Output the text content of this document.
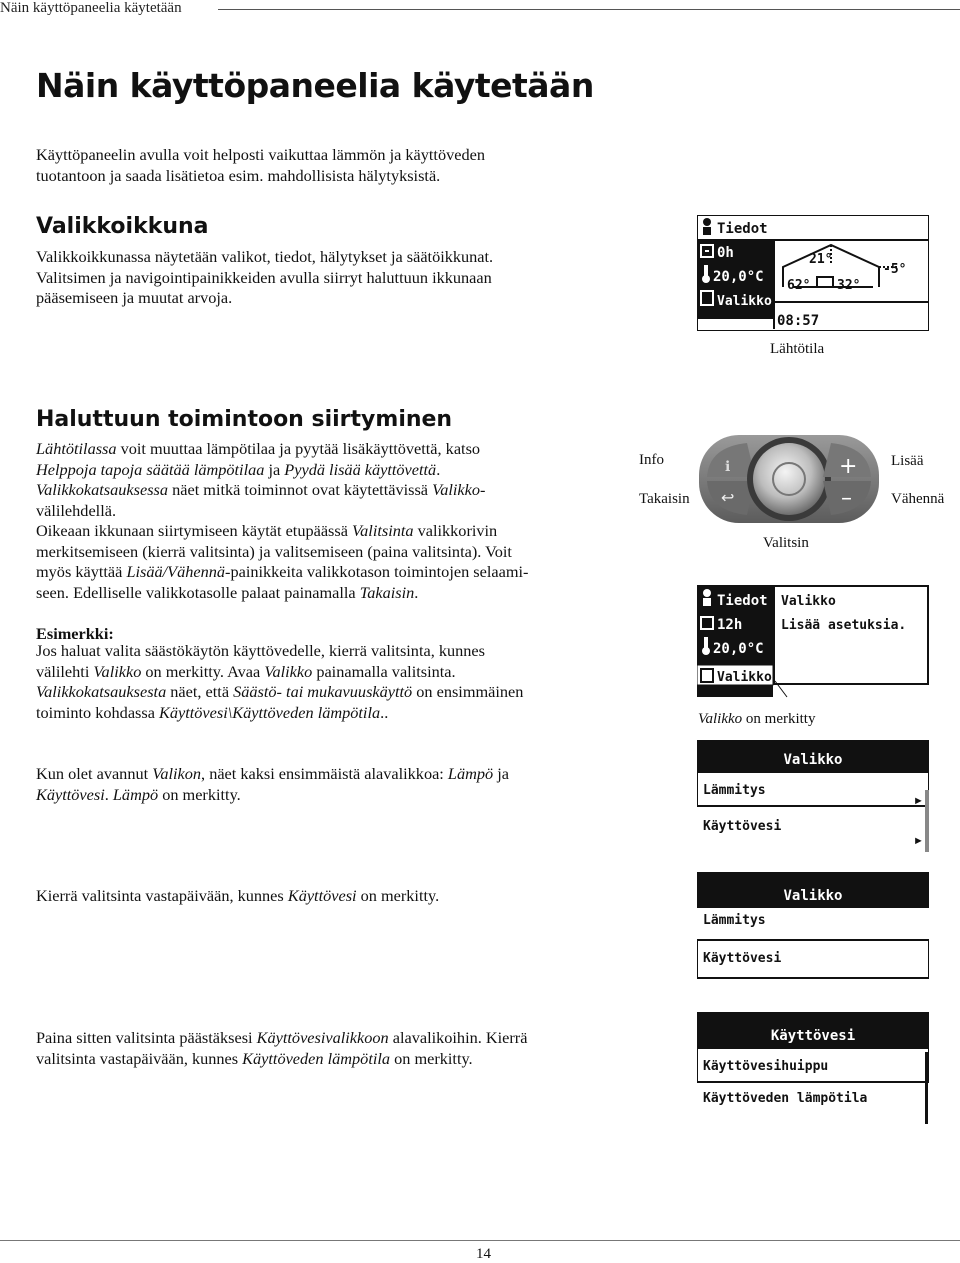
Näin käyttöpaneelia käytetään
Näin käyttöpaneelia käytetään

Käyttöpaneelin avulla voit helposti vaikuttaa lämmön ja käyttöveden
tuotantoon ja saada lisätietoa esim. mahdollisista hälytyksistä.

Valikkoikkuna

Valikkoikkunassa näytetään valikot, tiedot, hälytykset ja säätöikkunat.
Valitsimen ja navigointipainikkeiden avulla siirryt haluttuun ikkunaan
pääsemiseen ja muutat arvoja.

Tiedot
0h
20,0°C
Valikko
21°
-5°
62° 32°
08:57
Lähtötila
Haluttuun toimintoon siirtyminen

Lähtötilassa voit muuttaa lämpötilaa ja pyytää lisäkäyttövettä, katso
Helppoja tapoja säätää lämpötilaa ja Pyydä lisää käyttövettä.
Valikkokatsauksessa näet mitkä toiminnot ovat käytettävissä Valikko-
välilehdellä.
Oikeaan ikkunaan siirtymiseen käytät etupäässä Valitsinta valikkorivin
merkitsemiseen (kierrä valitsinta) ja valitsemiseen (paina valitsinta). Voit
myös käyttää Lisää/Vähennä-painikkeita valikkotason toimintojen selaami-
seen. Edelliselle valikkotasolle palaat painamalla Takaisin.

Info
Takaisin
Lisää
Vähennä
Valitsin
ℹ
↩
+
–

Esimerkki:

Jos haluat valita säästökäytön käyttövedelle, kierrä valitsinta, kunnes
välilehti Valikko on merkitty. Avaa Valikko painamalla valitsinta.
Valikkokatsauksesta näet, että Säästö- tai mukavuuskäyttö on ensimmäinen
toiminto kohdassa Käyttövesi\Käyttöveden lämpötila..

Tiedot
12h
20,0°C
Valikko
Valikko
Lisää asetuksia.
Valikko on merkitty

Kun olet avannut Valikon, näet kaksi ensimmäistä alavalikkoa: Lämpö ja
Käyttövesi. Lämpö on merkitty.

Valikko
Lämmitys
►
Käyttövesi
►

Kierrä valitsinta vastapäivään, kunnes Käyttövesi on merkitty.	Valikko
Lämmitys
Käyttövesi

Paina sitten valitsinta päästäksesi Käyttövesivalikkoon alavalikoihin. Kierrä
valitsinta vastapäivään, kunnes Käyttöveden lämpötila on merkitty.

Käyttövesi
Käyttövesihuippu
Käyttöveden lämpötila
14
